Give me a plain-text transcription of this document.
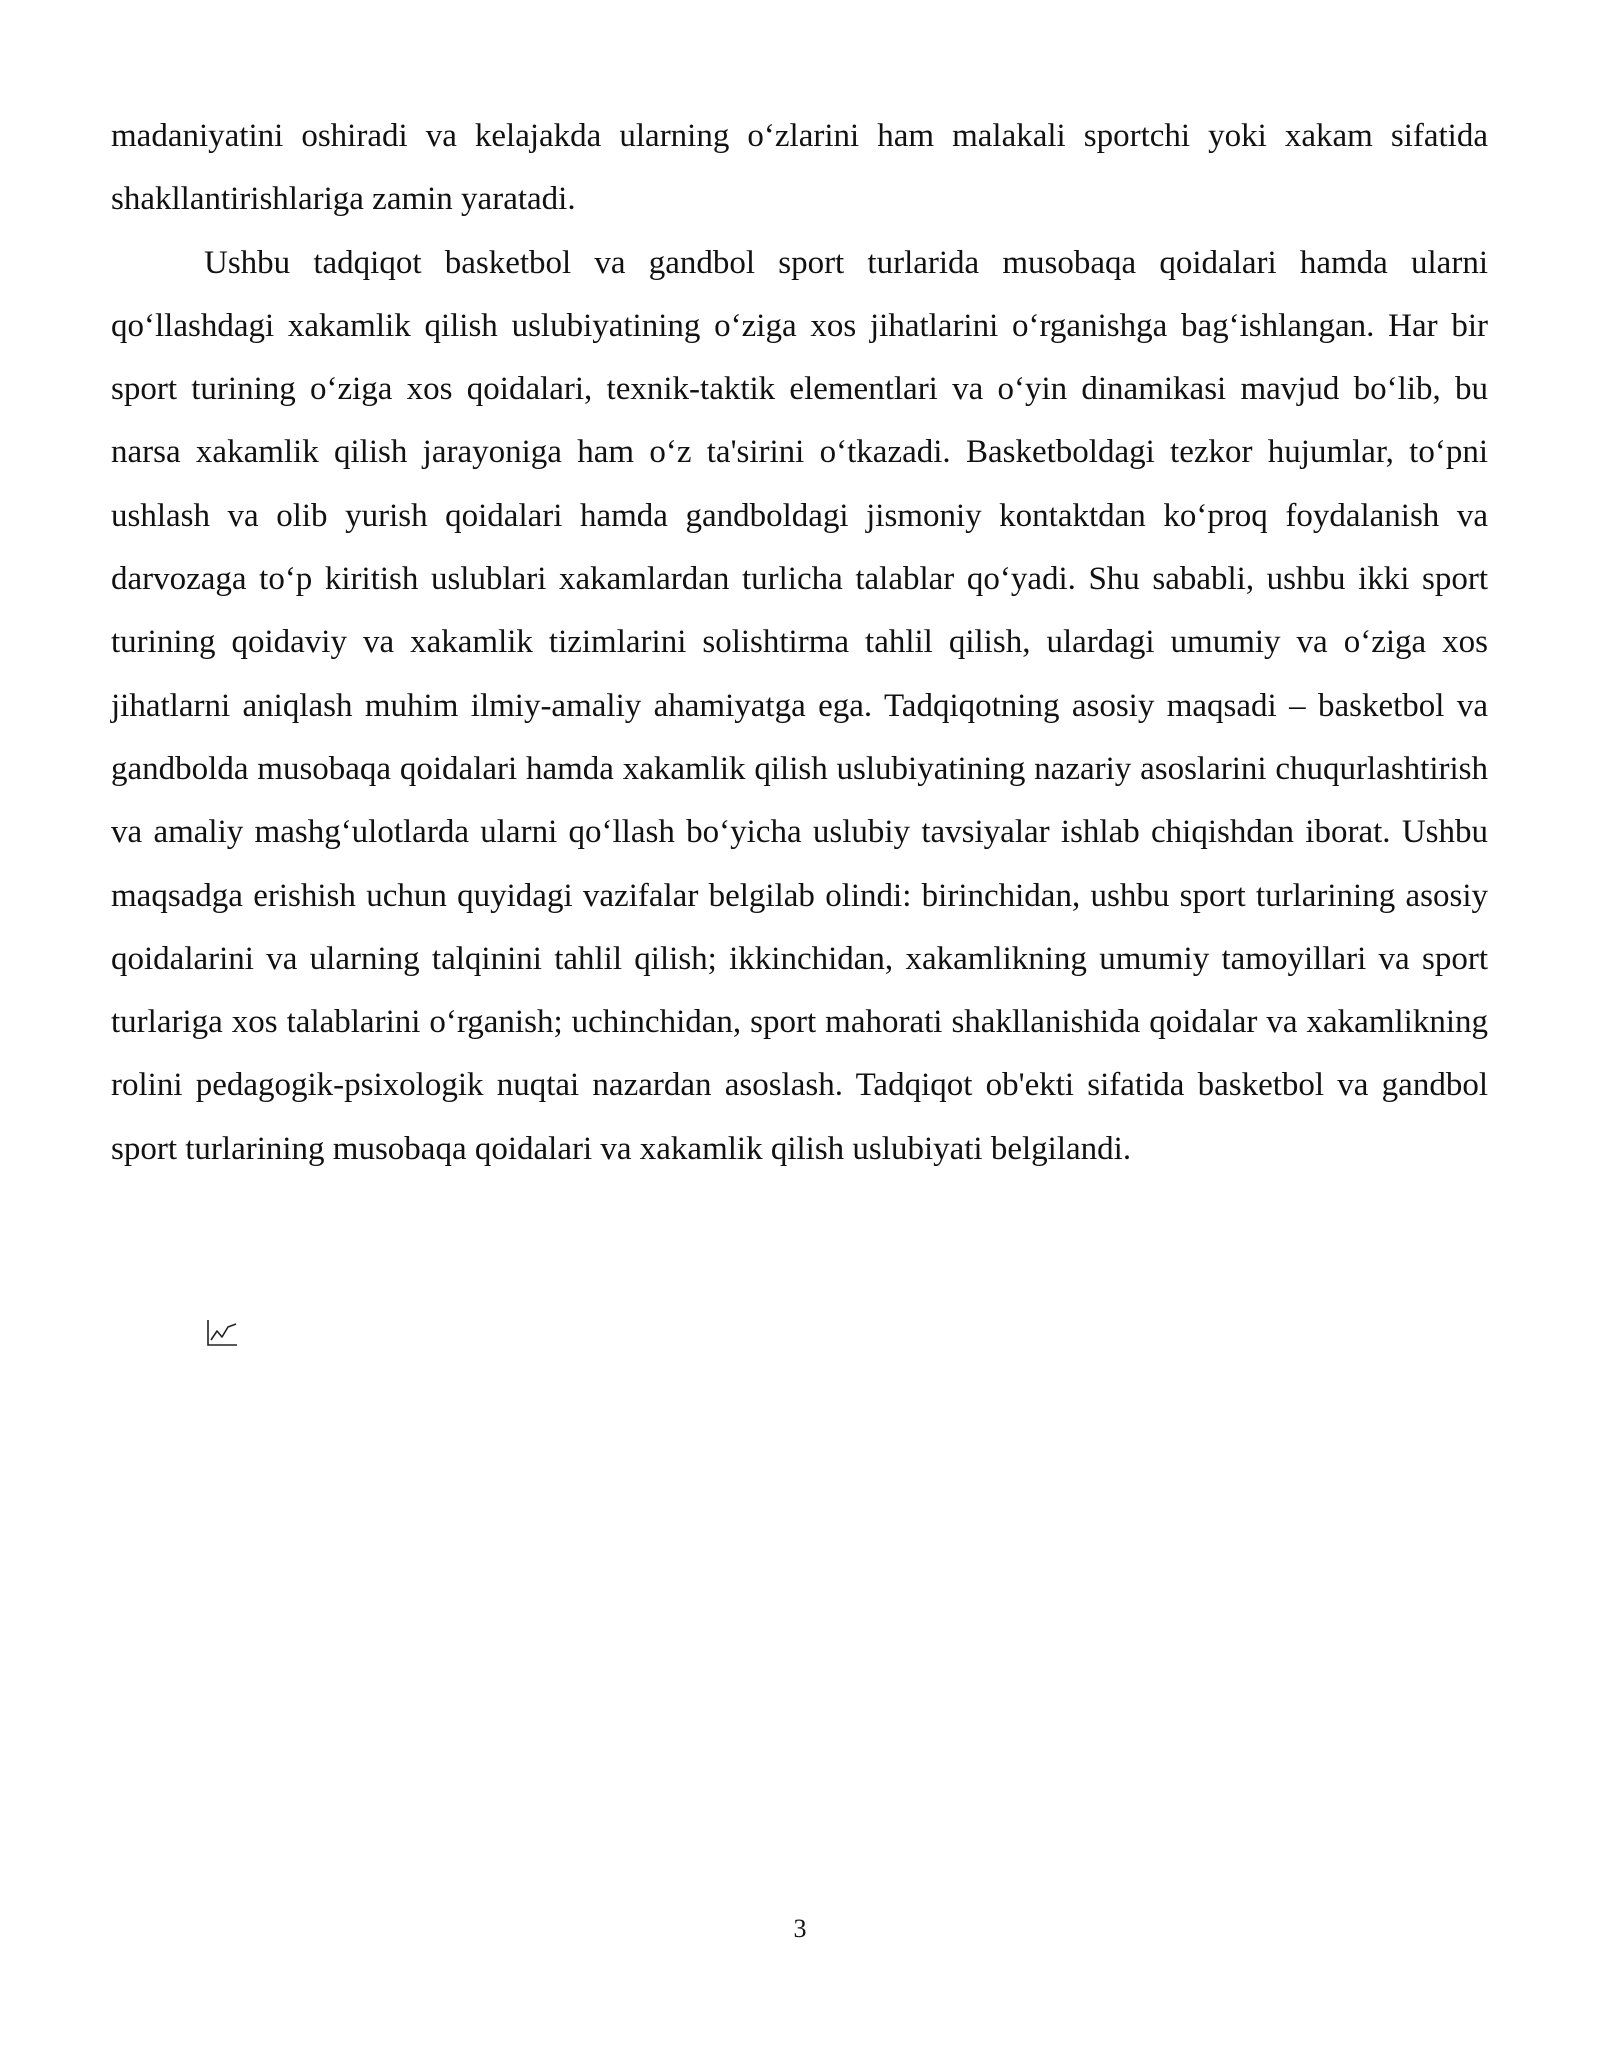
madaniyatini oshiradi va kelajakda ularning o‘zlarini ham malakali sportchi yoki xakam sifatida shakllantirishlariga zamin yaratadi.

Ushbu tadqiqot basketbol va gandbol sport turlarida musobaqa qoidalari hamda ularni qo‘llashdagi xakamlik qilish uslubiyatining o‘ziga xos jihatlarini o‘rganishga bag‘ishlangan. Har bir sport turining o‘ziga xos qoidalari, texnik-taktik elementlari va o‘yin dinamikasi mavjud bo‘lib, bu narsa xakamlik qilish jarayoniga ham o‘z ta'sirini o‘tkazadi. Basketboldagi tezkor hujumlar, to‘pni ushlash va olib yurish qoidalari hamda gandboldagi jismoniy kontaktdan ko‘proq foydalanish va darvozaga to‘p kiritish uslublari xakamlardan turlicha talablar qo‘yadi. Shu sababli, ushbu ikki sport turining qoidaviy va xakamlik tizimlarini solishtirma tahlil qilish, ulardagi umumiy va o‘ziga xos jihatlarni aniqlash muhim ilmiy-amaliy ahamiyatga ega. Tadqiqotning asosiy maqsadi – basketbol va gandbolda musobaqa qoidalari hamda xakamlik qilish uslubiyatining nazariy asoslarini chuqurlashtirish va amaliy mashg‘ulotlarda ularni qo‘llash bo‘yicha uslubiy tavsiyalar ishlab chiqishdan iborat. Ushbu maqsadga erishish uchun quyidagi vazifalar belgilab olindi: birinchidan, ushbu sport turlarining asosiy qoidalarini va ularning talqinini tahlil qilish; ikkinchidan, xakamlikning umumiy tamoyillari va sport turlariga xos talablarini o‘rganish; uchinchidan, sport mahorati shakllanishida qoidalar va xakamlikning rolini pedagogik-psixologik nuqtai nazardan asoslash. Tadqiqot ob'ekti sifatida basketbol va gandbol sport turlarining musobaqa qoidalari va xakamlik qilish uslubiyati belgilandi.

3
